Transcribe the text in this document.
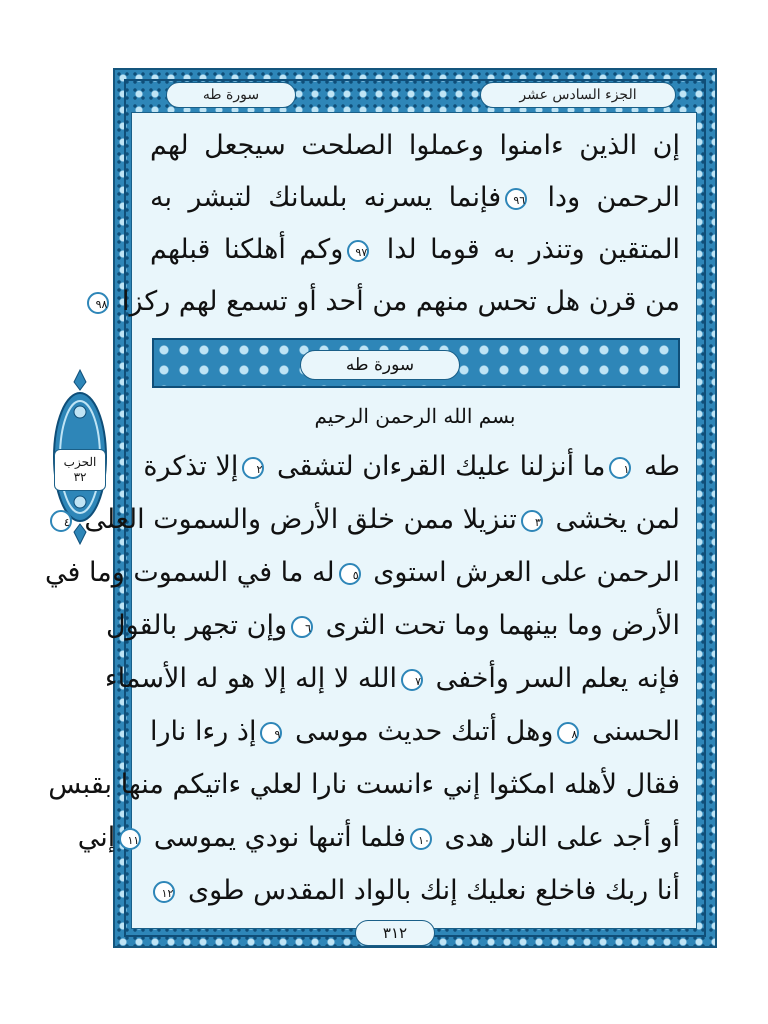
الجزء السادس عشر
سورة طه
الحزب
٣٢
إن الذين ءامنوا وعملوا الصلحت سيجعل لهم
الرحمن ودا ٩٦فإنما يسرنه بلسانك لتبشر به
المتقين وتنذر به قوما لدا ٩٧وكم أهلكنا قبلهم
من قرن هل تحس منهم من أحد أو تسمع لهم ركزا ٩٨
سورة طه
بسم الله الرحمن الرحيم
طه ١ما أنزلنا عليك القرءان لتشقى ٢إلا تذكرة
لمن يخشى ٣تنزيلا ممن خلق الأرض والسموت العلى ٤
الرحمن على العرش استوى ٥له ما في السموت وما في
الأرض وما بينهما وما تحت الثرى ٦وإن تجهر بالقول
فإنه يعلم السر وأخفى ٧الله لا إله إلا هو له الأسماء
الحسنى ٨وهل أتىك حديث موسى ٩إذ رءا نارا
فقال لأهله امكثوا إني ءانست نارا لعلي ءاتيكم منها بقبس
أو أجد على النار هدى ١٠فلما أتىها نودي يموسى ١١إني
أنا ربك فاخلع نعليك إنك بالواد المقدس طوى ١٢
٣١٢
